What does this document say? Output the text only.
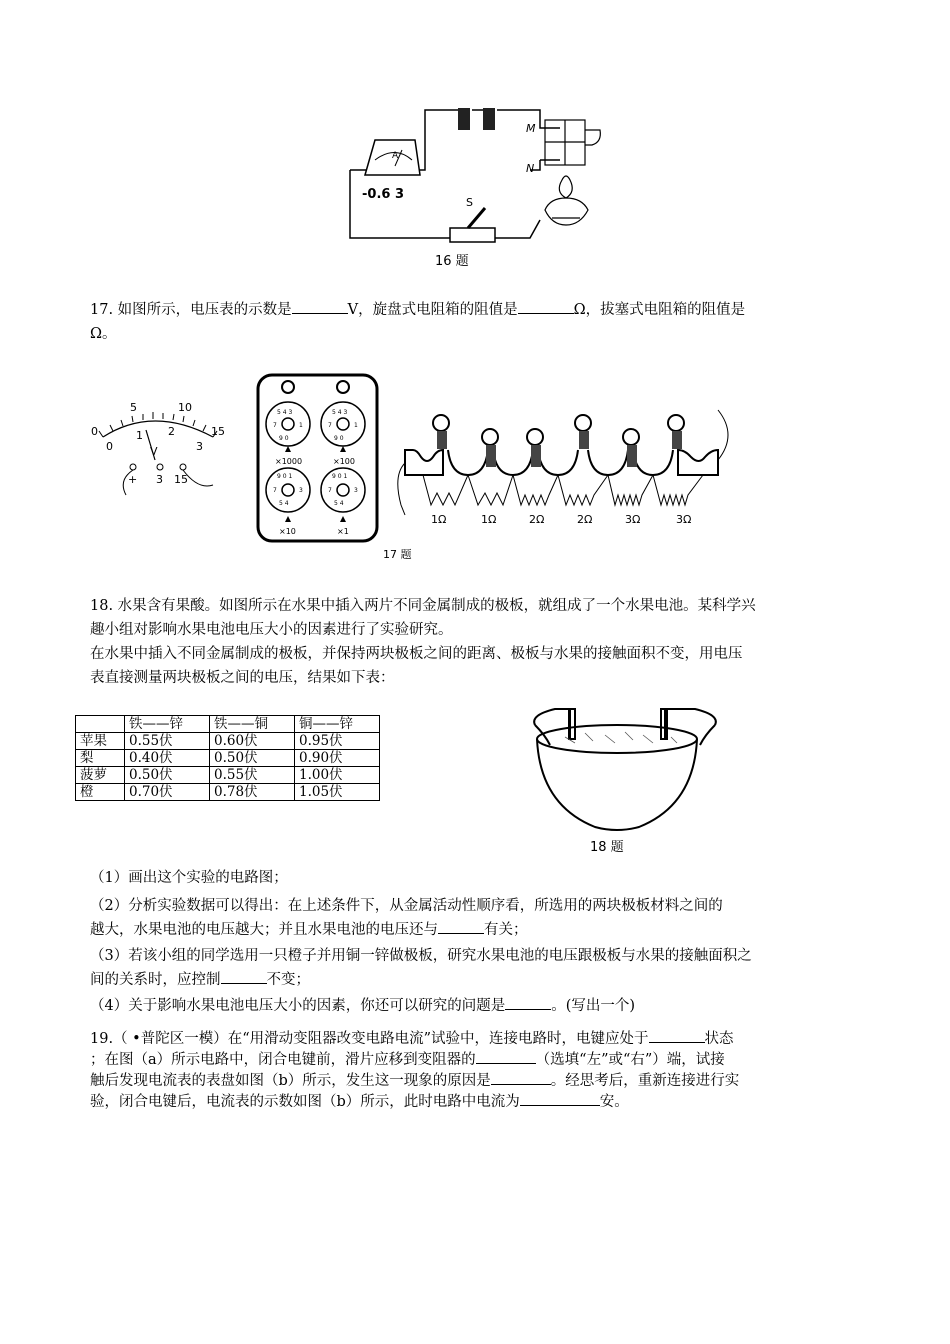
A
-0.6 3
M
N
S
16 题
17. 如图所示，电压表的示数是	V，旋盘式电阻箱的阻值是	Ω，拔塞式电阻箱的阻值是
Ω。
0
5	10
15
0
1 2
3
V
+ 3 15
5 4 3
7	1
9 0
5 4 3
7	1
9 0
9 0 1
7	3
5 4
9 0 1
7	3
5 4
×1000	×100
×10	×1
1Ω	1Ω	2Ω	2Ω	3Ω	3Ω
17 题
18. 水果含有果酸。如图所示在水果中插入两片不同金属制成的极板，就组成了一个水果电池。某科学兴
趣小组对影响水果电池电压大小的因素进行了实验研究。
在水果中插入不同金属制成的极板，并保持两块极板之间的距离、极板与水果的接触面积不变，用电压
表直接测量两块极板之间的电压，结果如下表：
	铁——锌	铁——铜	铜——锌
苹果	0.55伏	0.60伏	0.95伏
梨	0.40伏	0.50伏	0.90伏
菠萝	0.50伏	0.55伏	1.00伏
橙	0.70伏	0.78伏	1.05伏
18 题
（1）画出这个实验的电路图；
（2）分析实验数据可以得出：在上述条件下，从金属活动性顺序看，所选用的两块极板材料之间的
越大，水果电池的电压越大；并且水果电池的电压还与	有关；
（3）若该小组的同学选用一只橙子并用铜一锌做极板，研究水果电池的电压跟极板与水果的接触面积之
间的关系时，应控制	不变；
（4）关于影响水果电池电压大小的因素，你还可以研究的问题是	。(写出一个)
19.（ •普陀区一模）在“用滑动变阻器改变电路电流”试验中，连接电路时，电键应处于	状态
；在图（a）所示电路中，闭合电键前，滑片应移到变阻器的	（选填“左”或“右”）端，试接
触后发现电流表的表盘如图（b）所示，发生这一现象的原因是	。经思考后，重新连接进行实
验，闭合电键后，电流表的示数如图（b）所示，此时电路中电流为	安。
